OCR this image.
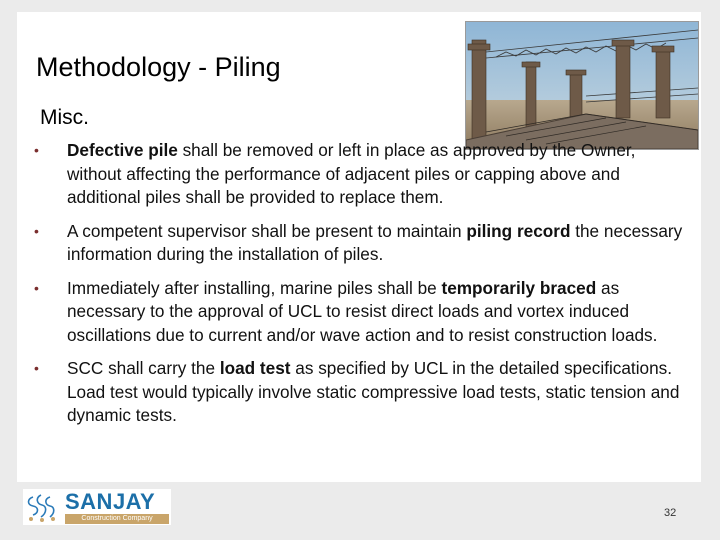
Methodology - Piling
Misc.
• Defective pile shall be removed or left in place as approved by the Owner, without affecting the performance of adjacent piles or capping above and additional piles shall be provided to replace them.
• A competent supervisor shall be present to maintain piling record the necessary information during the installation of piles.
• Immediately after installing, marine piles shall be temporarily braced as necessary to the approval of UCL to resist direct loads and vortex induced oscillations due to current and/or wave action and to resist construction loads.
• SCC shall carry the load test as specified by UCL in the detailed specifications. Load test would typically involve static compressive load tests, static tension and dynamic tests.
SANJAY
Construction Company	32
